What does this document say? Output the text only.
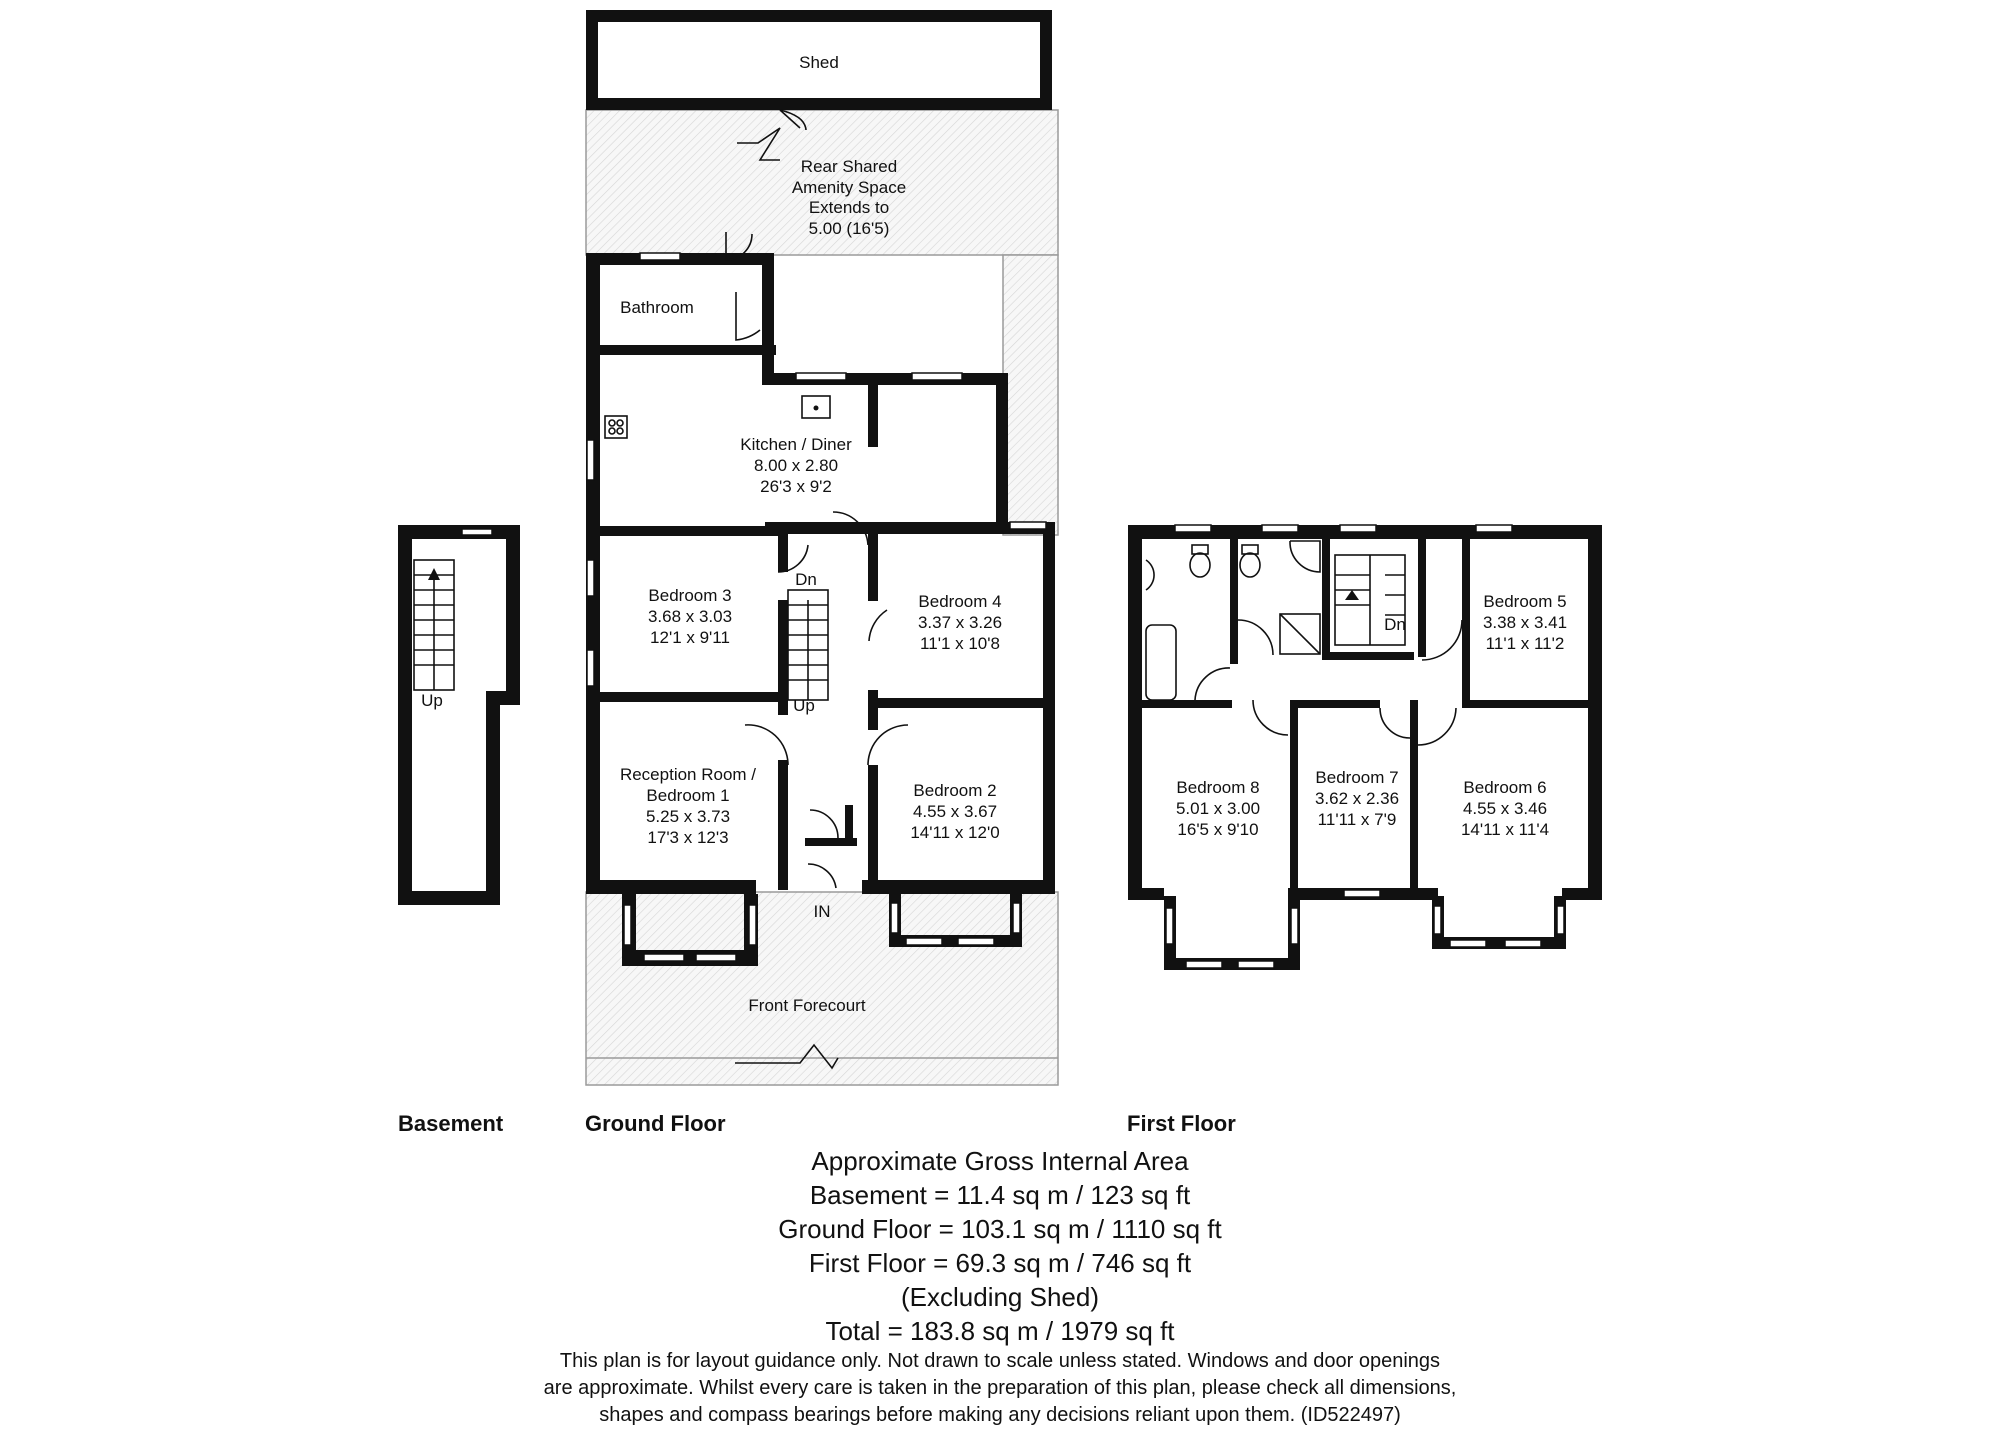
Up
Shed
Rear Shared
Amenity Space
Extends to
5.00 (16'5)
Bathroom
Kitchen / Diner
8.00 x 2.80
26'3 x 9'2
Bedroom 3
3.68 x 3.03
12'1 x 9'11
Bedroom 4
3.37 x 3.26
11'1 x 10'8
Reception Room /
Bedroom 1
5.25 x 3.73
17'3 x 12'3
Bedroom 2
4.55 x 3.67
14'11 x 12'0
Dn
Up
IN
Front Forecourt
Dn
Bedroom 5
3.38 x 3.41
11'1 x 11'2
Bedroom 8
5.01 x 3.00
16'5 x 9'10
Bedroom 7
3.62 x 2.36
11'11 x 7'9
Bedroom 6
4.55 x 3.46
14'11 x 11'4
Basement	Ground Floor	First Floor
Approximate Gross Internal Area
Basement = 11.4 sq m / 123 sq ft
Ground Floor = 103.1 sq m / 1110 sq ft
First Floor = 69.3 sq m / 746 sq ft
(Excluding Shed)
Total = 183.8 sq m / 1979 sq ft
This plan is for layout guidance only. Not drawn to scale unless stated. Windows and door openings
are approximate. Whilst every care is taken in the preparation of this plan, please check all dimensions,
shapes and compass bearings before making any decisions reliant upon them. (ID522497)
